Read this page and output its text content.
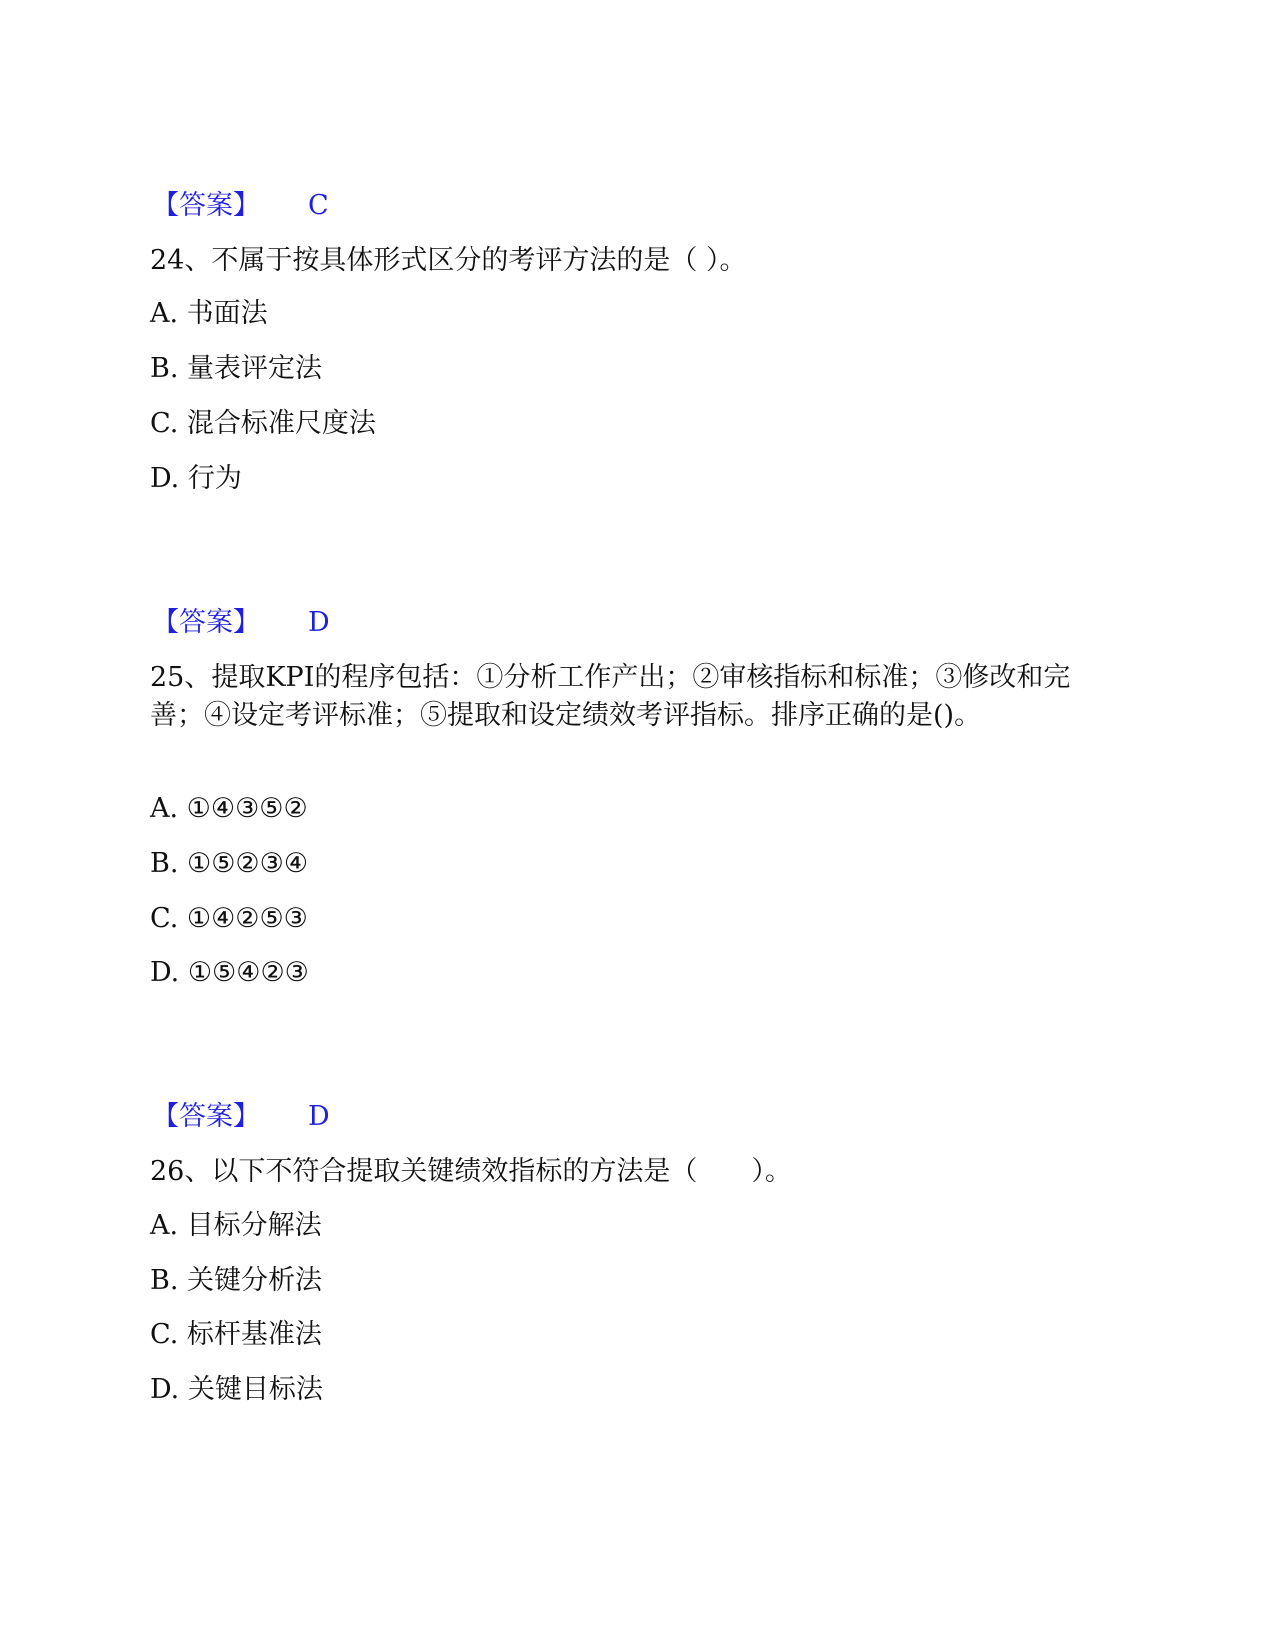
【答案】 C
24、不属于按具体形式区分的考评方法的是（ ）。
A. 书面法
B. 量表评定法
C. 混合标准尺度法
D. 行为
【答案】 D
25、提取KPI的程序包括：①分析工作产出；②审核指标和标准；③修改和完善；④设定考评标准；⑤提取和设定绩效考评指标。排序正确的是()。
A. ①④③⑤②
B. ①⑤②③④
C. ①④②⑤③
D. ①⑤④②③
【答案】 D
26、以下不符合提取关键绩效指标的方法是（　　）。
A. 目标分解法
B. 关键分析法
C. 标杆基准法
D. 关键目标法
